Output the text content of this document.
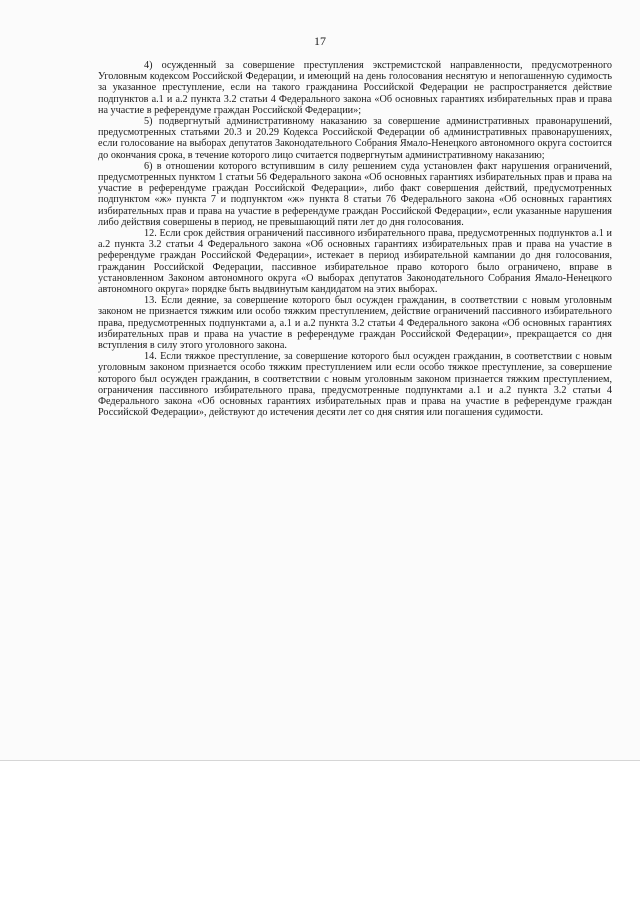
17

4) осужденный за совершение преступления экстремистской направленности, предусмотренного Уголовным кодексом Российской Федерации, и имеющий на день голосования неснятую и непогашенную судимость за указанное преступление, если на такого гражданина Российской Федерации не распространяется действие подпунктов а.1 и а.2 пункта 3.2 статьи 4 Федерального закона «Об основных гарантиях избирательных прав и права на участие в референдуме граждан Российской Федерации»;

5) подвергнутый административному наказанию за совершение административных правонарушений, предусмотренных статьями 20.3 и 20.29 Кодекса Российской Федерации об административных правонарушениях, если голосование на выборах депутатов Законодательного Собрания Ямало-Ненецкого автономного округа состоится до окончания срока, в течение которого лицо считается подвергнутым административному наказанию;

6) в отношении которого вступившим в силу решением суда установлен факт нарушения ограничений, предусмотренных пунктом 1 статьи 56 Федерального закона «Об основных гарантиях избирательных прав и права на участие в референдуме граждан Российской Федерации», либо факт совершения действий, предусмотренных подпунктом «ж» пункта 7 и подпунктом «ж» пункта 8 статьи 76 Федерального закона «Об основных гарантиях избирательных прав и права на участие в референдуме граждан Российской Федерации», если указанные нарушения либо действия совершены в период, не превышающий пяти лет до дня голосования.

12. Если срок действия ограничений пассивного избирательного права, предусмотренных подпунктов а.1 и а.2 пункта 3.2 статьи 4 Федерального закона «Об основных гарантиях избирательных прав и права на участие в референдуме граждан Российской Федерации», истекает в период избирательной кампании до дня голосования, гражданин Российской Федерации, пассивное избирательное право которого было ограничено, вправе в установленном Законом автономного округа «О выборах депутатов Законодательного Собрания Ямало-Ненецкого автономного округа» порядке быть выдвинутым кандидатом на этих выборах.

13. Если деяние, за совершение которого был осужден гражданин, в соответствии с новым уголовным законом не признается тяжким или особо тяжким преступлением, действие ограничений пассивного избирательного права, предусмотренных подпунктами а, а.1 и а.2 пункта 3.2 статьи 4 Федерального закона «Об основных гарантиях избирательных прав и права на участие в референдуме граждан Российской Федерации», прекращается со дня вступления в силу этого уголовного закона.

14. Если тяжкое преступление, за совершение которого был осужден гражданин, в соответствии с новым уголовным законом признается особо тяжким преступлением или если особо тяжкое преступление, за совершение которого был осужден гражданин, в соответствии с новым уголовным законом признается тяжким преступлением, ограничения пассивного избирательного права, предусмотренные подпунктами а.1 и а.2 пункта 3.2 статьи 4 Федерального закона «Об основных гарантиях избирательных прав и права на участие в референдуме граждан Российской Федерации», действуют до истечения десяти лет со дня снятия или погашения судимости.
